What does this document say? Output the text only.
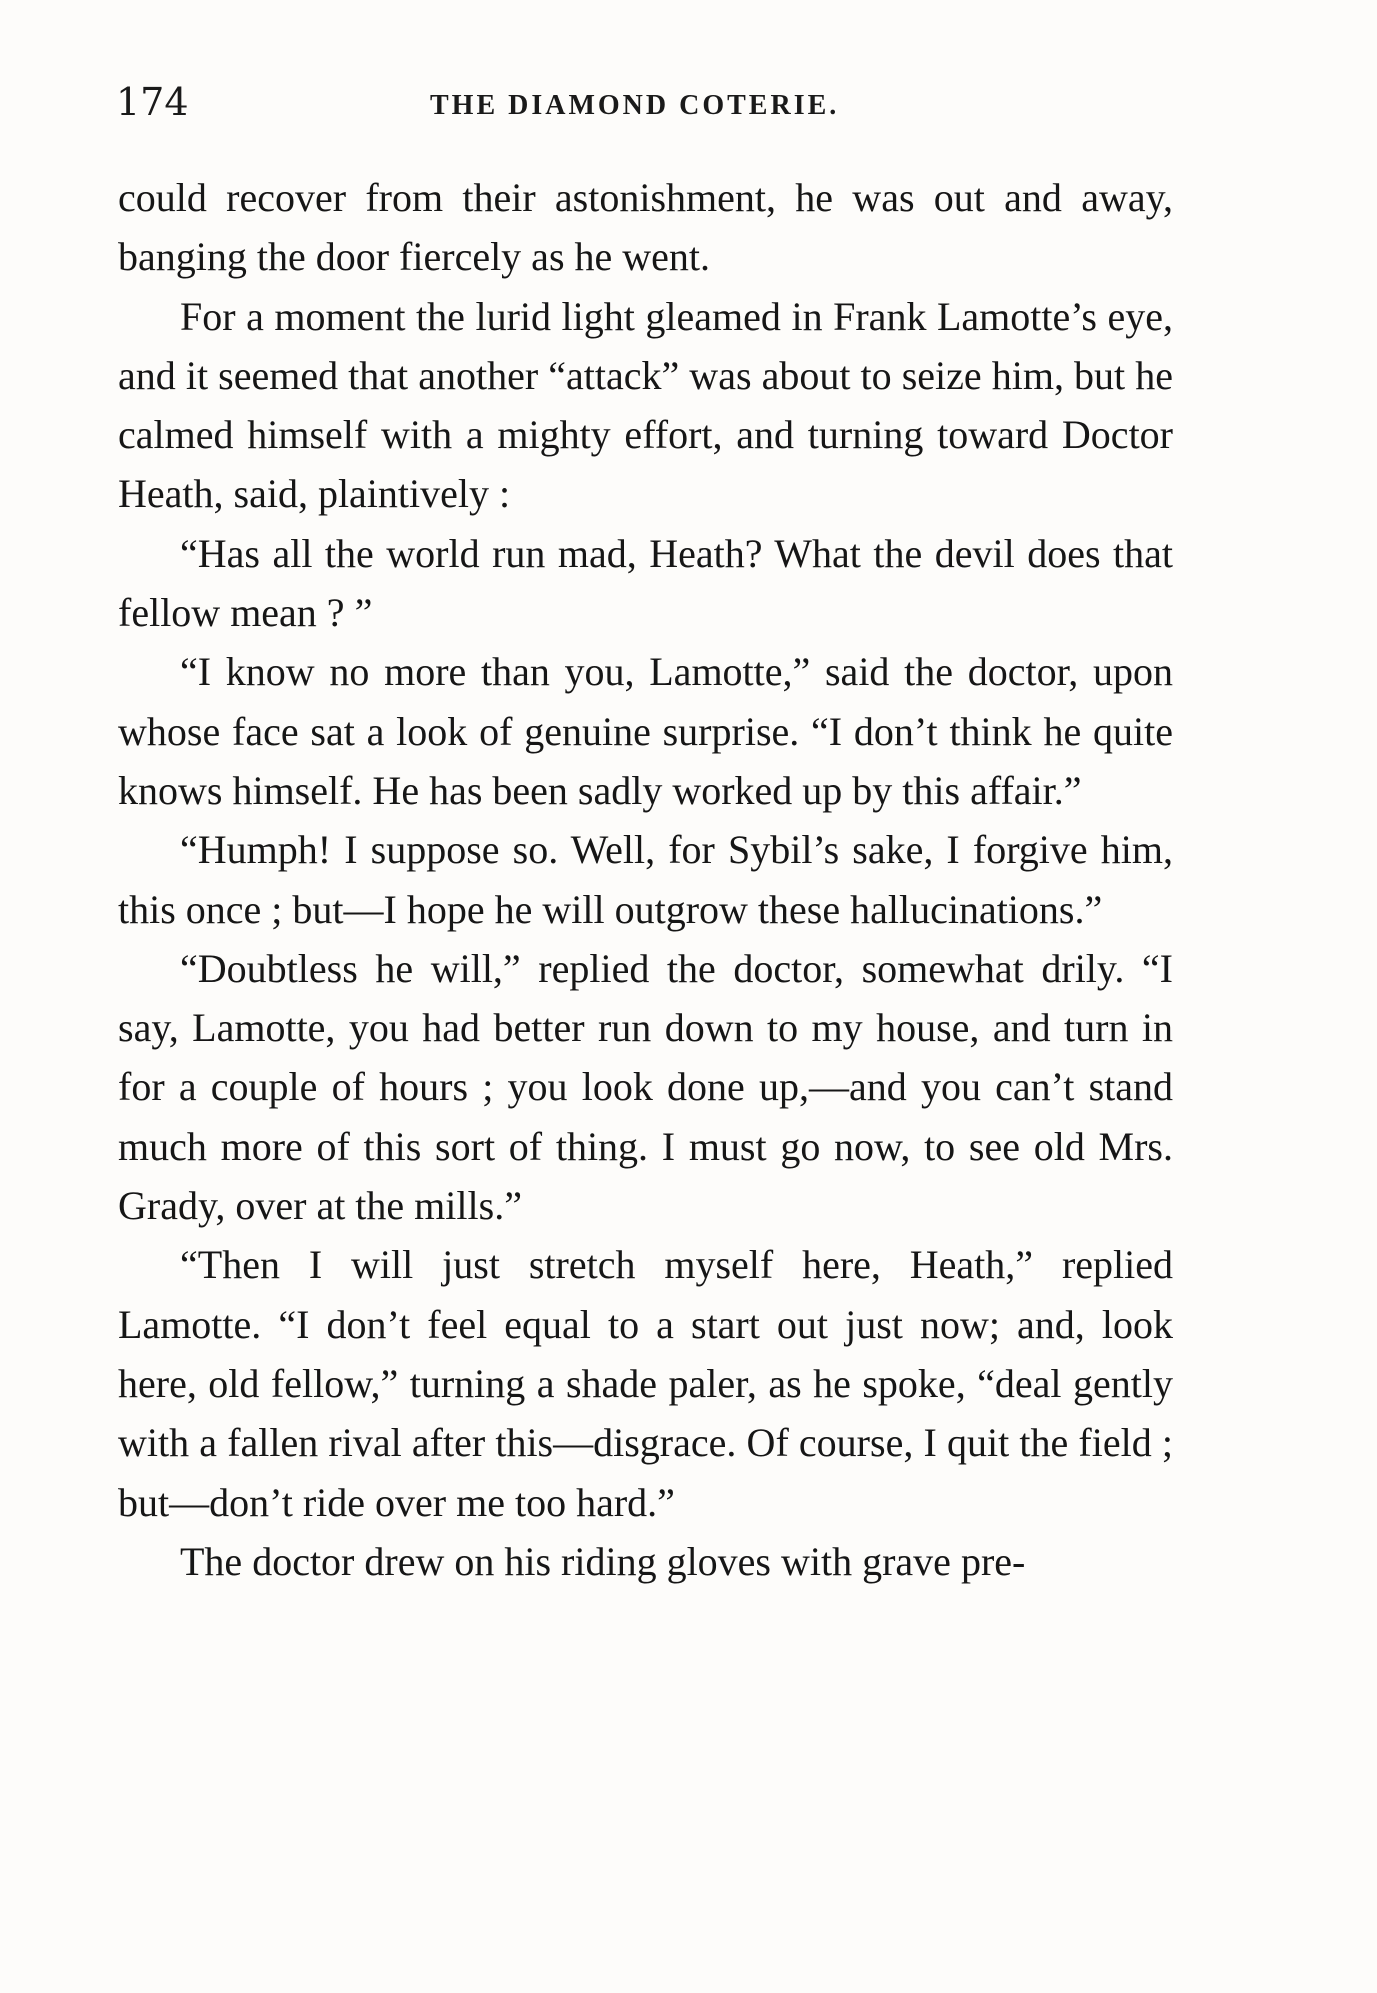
174	THE DIAMOND COTERIE.

could recover from their astonishment, he was out and away, banging the door fiercely as he went.

For a moment the lurid light gleamed in Frank Lamotte’s eye, and it seemed that another “attack” was about to seize him, but he calmed himself with a mighty effort, and turning toward Doctor Heath, said, plaintively :

“Has all the world run mad, Heath? What the devil does that fellow mean ? ”

“I know no more than you, Lamotte,” said the doctor, upon whose face sat a look of genuine surprise. “I don’t think he quite knows himself. He has been sadly worked up by this affair.”

“Humph! I suppose so. Well, for Sybil’s sake, I forgive him, this once ; but—I hope he will outgrow these hallucinations.”

“Doubtless he will,” replied the doctor, somewhat drily. “I say, Lamotte, you had better run down to my house, and turn in for a couple of hours ; you look done up,—and you can’t stand much more of this sort of thing. I must go now, to see old Mrs. Grady, over at the mills.”

“Then I will just stretch myself here, Heath,” replied Lamotte. “I don’t feel equal to a start out just now; and, look here, old fellow,” turning a shade paler, as he spoke, “deal gently with a fallen rival after this—disgrace. Of course, I quit the field ; but—don’t ride over me too hard.”

The doctor drew on his riding gloves with grave pre-
